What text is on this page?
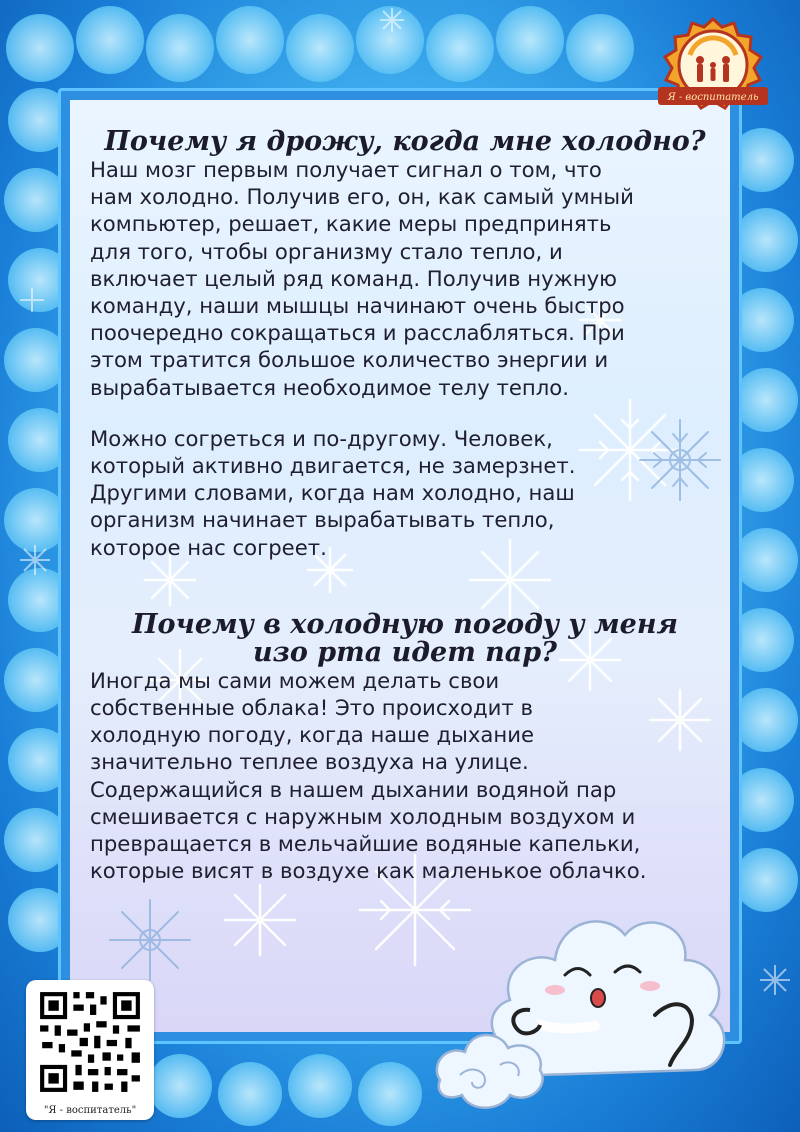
Почему я дрожу, когда мне холодно?

Наш мозг первым получает сигнал о том, что
нам холодно. Получив его, он, как самый умный
компьютер, решает, какие меры предпринять
для того, чтобы организму стало тепло, и
включает целый ряд команд. Получив нужную
команду, наши мышцы начинают очень быстро
поочередно сокращаться и расслабляться. При
этом тратится большое количество энергии и
вырабатывается необходимое телу тепло.

Можно согреться и по-другому. Человек,
который активно двигается, не замерзнет.
Другими словами, когда нам холодно, наш
организм начинает вырабатывать тепло,
которое нас согреет.

Почему в холодную погоду у меня
изо рта идет пар?

Иногда мы сами можем делать свои
собственные облака! Это происходит в
холодную погоду, когда наше дыхание
значительно теплее воздуха на улице.
Содержащийся в нашем дыхании водяной пар
смешивается с наружным холодным воздухом и
превращается в мельчайшие водяные капельки,
которые висят в воздухе как маленькое облачко.

Я - воспитатель
"Я - воспитатель"
